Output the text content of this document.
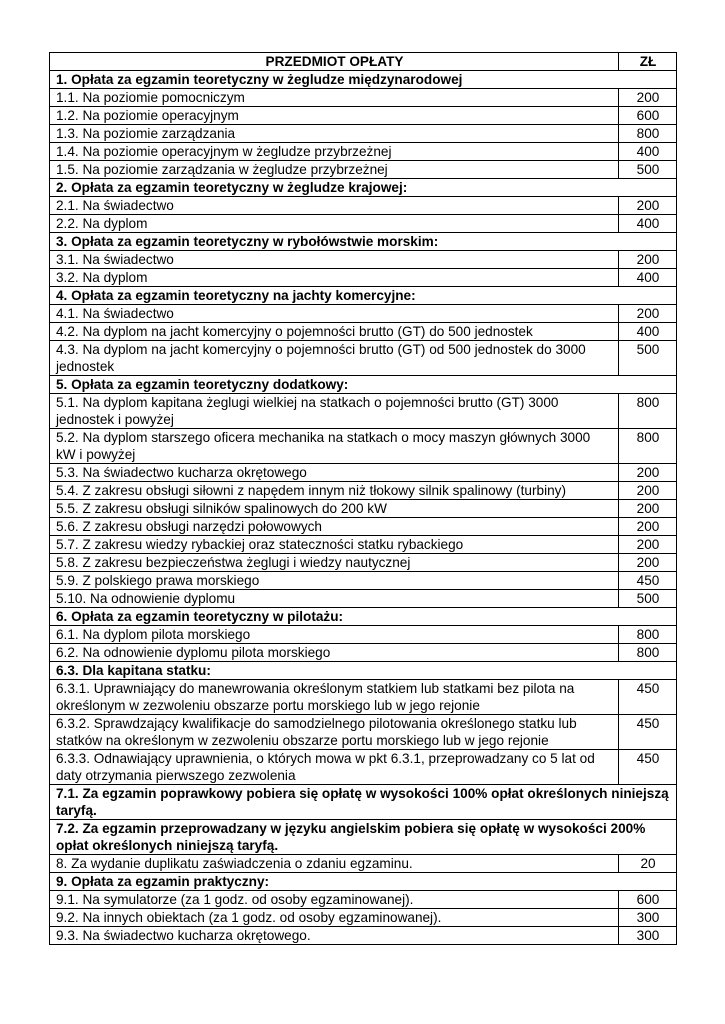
PRZEDMIOT OPŁATY	ZŁ
1. Opłata za egzamin teoretyczny w żegludze międzynarodowej	
1.1. Na poziomie pomocniczym	200
1.2. Na poziomie operacyjnym	600
1.3. Na poziomie zarządzania	800
1.4. Na poziomie operacyjnym w żegludze przybrzeżnej	400
1.5. Na poziomie zarządzania w żegludze przybrzeżnej	500
2. Opłata za egzamin teoretyczny w żegludze krajowej:	
2.1. Na świadectwo	200
2.2. Na dyplom	400
3. Opłata za egzamin teoretyczny w rybołówstwie morskim:	
3.1. Na świadectwo	200
3.2. Na dyplom	400
4. Opłata za egzamin teoretyczny na jachty komercyjne:	
4.1. Na świadectwo	200
4.2. Na dyplom na jacht komercyjny o pojemności brutto (GT) do 500 jednostek	400
4.3. Na dyplom na jacht komercyjny o pojemności brutto (GT) od 500 jednostek do 3000 jednostek	500
5. Opłata za egzamin teoretyczny dodatkowy:	
5.1. Na dyplom kapitana żeglugi wielkiej na statkach o pojemności brutto (GT) 3000 jednostek i powyżej	800
5.2. Na dyplom starszego oficera mechanika na statkach o mocy maszyn głównych 3000 kW i powyżej	800
5.3. Na świadectwo kucharza okrętowego	200
5.4. Z zakresu obsługi siłowni z napędem innym niż tłokowy silnik spalinowy (turbiny)	200
5.5. Z zakresu obsługi silników spalinowych do 200 kW	200
5.6. Z zakresu obsługi narzędzi połowowych	200
5.7. Z zakresu wiedzy rybackiej oraz stateczności statku rybackiego	200
5.8. Z zakresu bezpieczeństwa żeglugi i wiedzy nautycznej	200
5.9. Z polskiego prawa morskiego	450
5.10. Na odnowienie dyplomu	500
6. Opłata za egzamin teoretyczny w pilotażu:	
6.1. Na dyplom pilota morskiego	800
6.2. Na odnowienie dyplomu pilota morskiego	800
6.3. Dla kapitana statku:	
6.3.1. Uprawniający do manewrowania określonym statkiem lub statkami bez pilota na określonym w zezwoleniu obszarze portu morskiego lub w jego rejonie	450
6.3.2. Sprawdzający kwalifikacje do samodzielnego pilotowania określonego statku lub statków na określonym w zezwoleniu obszarze portu morskiego lub w jego rejonie	450
6.3.3. Odnawiający uprawnienia, o których mowa w pkt 6.3.1, przeprowadzany co 5 lat od daty otrzymania pierwszego zezwolenia	450
7.1. Za egzamin poprawkowy pobiera się opłatę w wysokości 100% opłat określonych niniejszą taryfą.	
7.2. Za egzamin przeprowadzany w języku angielskim pobiera się opłatę w wysokości 200% opłat określonych niniejszą taryfą.	
8. Za wydanie duplikatu zaświadczenia o zdaniu egzaminu.	20
9. Opłata za egzamin praktyczny:	
9.1. Na symulatorze (za 1 godz. od osoby egzaminowanej).	600
9.2. Na innych obiektach (za 1 godz. od osoby egzaminowanej).	300
9.3. Na świadectwo kucharza okrętowego.	300
